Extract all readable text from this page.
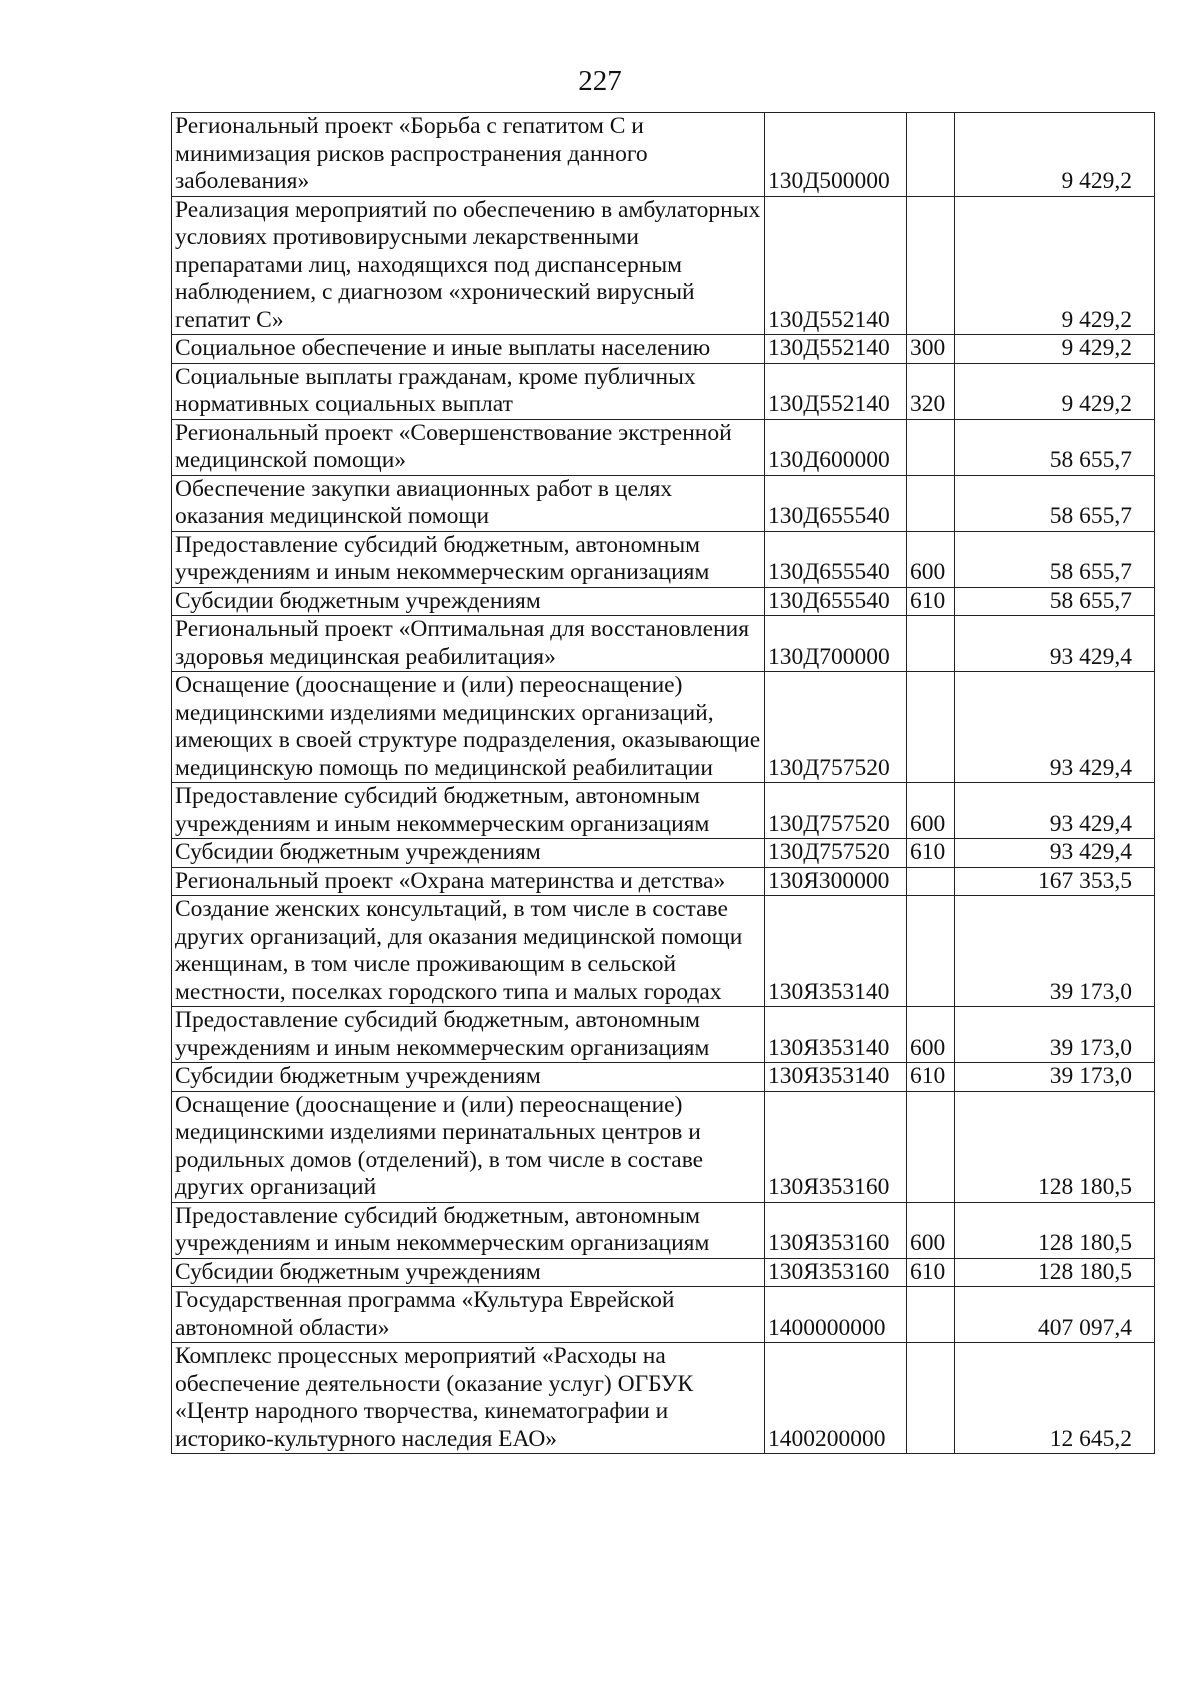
227
Региональный проект «Борьба с гепатитом С и минимизация рисков распространения данного заболевания»	130Д500000		9 429,2
Реализация мероприятий по обеспечению в амбулаторных условиях противовирусными лекарственными препаратами лиц, находящихся под диспансерным наблюдением, с диагнозом «хронический вирусный гепатит С»	130Д552140		9 429,2
Социальное обеспечение и иные выплаты населению	130Д552140	300	9 429,2
Социальные выплаты гражданам, кроме публичных нормативных социальных выплат	130Д552140	320	9 429,2
Региональный проект «Совершенствование экстренной медицинской помощи»	130Д600000		58 655,7
Обеспечение закупки авиационных работ в целях оказания медицинской помощи	130Д655540		58 655,7
Предоставление субсидий бюджетным, автономным учреждениям и иным некоммерческим организациям	130Д655540	600	58 655,7
Субсидии бюджетным учреждениям	130Д655540	610	58 655,7
Региональный проект «Оптимальная для восстановления здоровья медицинская реабилитация»	130Д700000		93 429,4
Оснащение (дооснащение и (или) переоснащение) медицинскими изделиями медицинских организаций, имеющих в своей структуре подразделения, оказывающие медицинскую помощь по медицинской реабилитации	130Д757520		93 429,4
Предоставление субсидий бюджетным, автономным учреждениям и иным некоммерческим организациям	130Д757520	600	93 429,4
Субсидии бюджетным учреждениям	130Д757520	610	93 429,4
Региональный проект «Охрана материнства и детства»	130Я300000		167 353,5
Создание женских консультаций, в том числе в составе других организаций, для оказания медицинской помощи женщинам, в том числе проживающим в сельской местности, поселках городского типа и малых городах	130Я353140		39 173,0
Предоставление субсидий бюджетным, автономным учреждениям и иным некоммерческим организациям	130Я353140	600	39 173,0
Субсидии бюджетным учреждениям	130Я353140	610	39 173,0
Оснащение (дооснащение и (или) переоснащение) медицинскими изделиями перинатальных центров и родильных домов (отделений), в том числе в составе других организаций	130Я353160		128 180,5
Предоставление субсидий бюджетным, автономным учреждениям и иным некоммерческим организациям	130Я353160	600	128 180,5
Субсидии бюджетным учреждениям	130Я353160	610	128 180,5
Государственная программа «Культура Еврейской автономной области»	1400000000		407 097,4
Комплекс процессных мероприятий «Расходы на обеспечение деятельности (оказание услуг) ОГБУК «Центр народного творчества, кинематографии и историко-культурного наследия ЕАО»	1400200000		12 645,2
